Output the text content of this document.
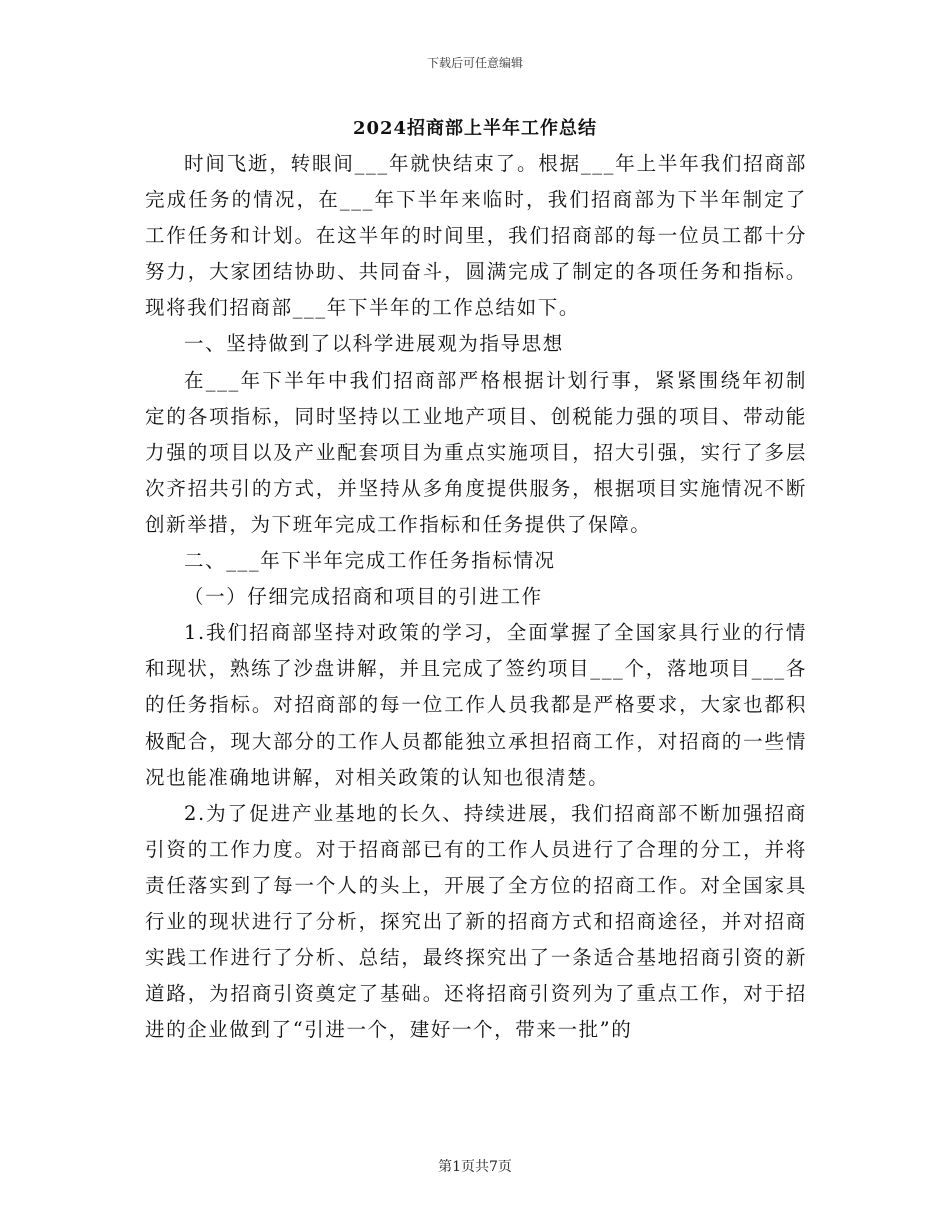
下载后可任意编辑
2024招商部上半年工作总结

时间飞逝，转眼间___年就快结束了。根据___年上半年我们招商部完成任务的情况，在___年下半年来临时，我们招商部为下半年制定了工作任务和计划。在这半年的时间里，我们招商部的每一位员工都十分努力，大家团结协助、共同奋斗，圆满完成了制定的各项任务和指标。现将我们招商部___年下半年的工作总结如下。

一、坚持做到了以科学进展观为指导思想

在___年下半年中我们招商部严格根据计划行事，紧紧围绕年初制定的各项指标，同时坚持以工业地产项目、创税能力强的项目、带动能力强的项目以及产业配套项目为重点实施项目，招大引强，实行了多层次齐招共引的方式，并坚持从多角度提供服务，根据项目实施情况不断创新举措，为下班年完成工作指标和任务提供了保障。

二、___年下半年完成工作任务指标情况

（一）仔细完成招商和项目的引进工作

1.我们招商部坚持对政策的学习，全面掌握了全国家具行业的行情和现状，熟练了沙盘讲解，并且完成了签约项目___个，落地项目___各的任务指标。对招商部的每一位工作人员我都是严格要求，大家也都积极配合，现大部分的工作人员都能独立承担招商工作，对招商的一些情况也能准确地讲解，对相关政策的认知也很清楚。

2.为了促进产业基地的长久、持续进展，我们招商部不断加强招商引资的工作力度。对于招商部已有的工作人员进行了合理的分工，并将责任落实到了每一个人的头上，开展了全方位的招商工作。对全国家具行业的现状进行了分析，探究出了新的招商方式和招商途径，并对招商实践工作进行了分析、总结，最终探究出了一条适合基地招商引资的新道路，为招商引资奠定了基础。还将招商引资列为了重点工作，对于招进的企业做到了“引进一个，建好一个，带来一批”的

第1页共7页
